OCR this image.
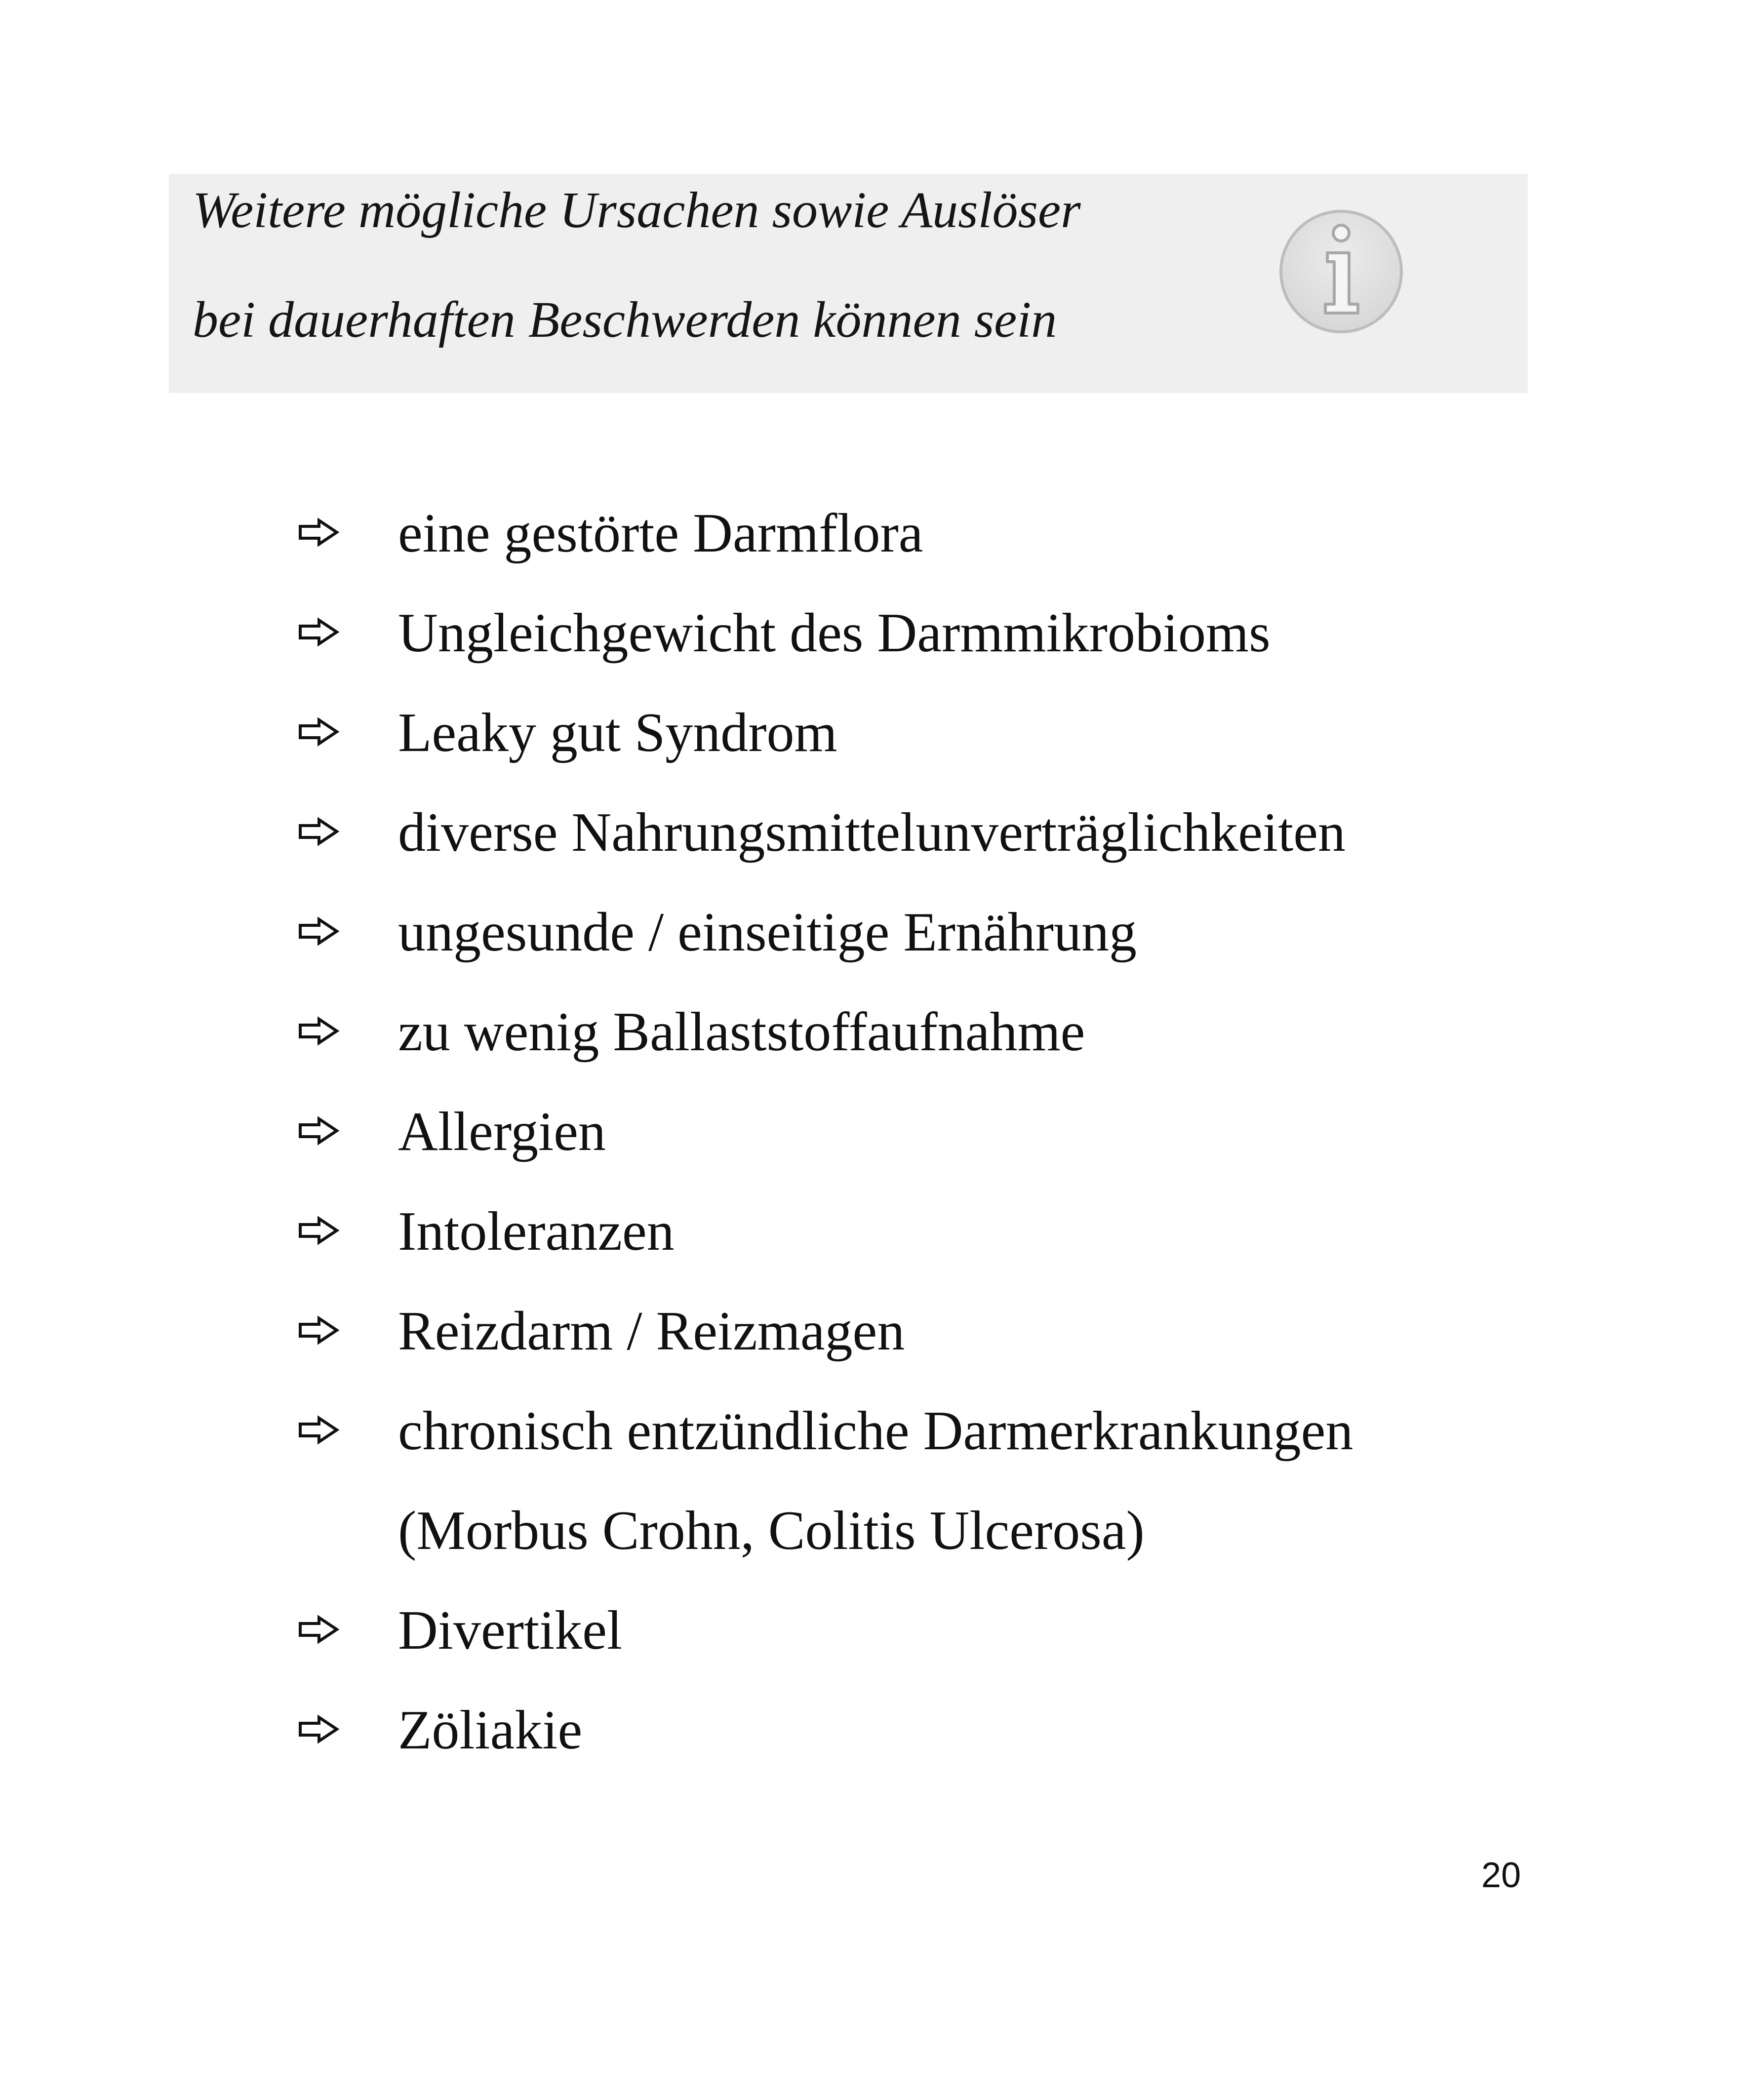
Weitere mögliche Ursachen sowie Auslöser

bei dauerhaften Beschwerden können sein

eine gestörte Darmflora
Ungleichgewicht des Darmmikrobioms
Leaky gut Syndrom
diverse Nahrungsmittelunverträglichkeiten
ungesunde / einseitige Ernährung
zu wenig Ballaststoffaufnahme
Allergien
Intoleranzen
Reizdarm / Reizmagen
chronisch entzündliche Darmerkrankungen
(Morbus Crohn, Colitis Ulcerosa)
Divertikel
Zöliakie
20
